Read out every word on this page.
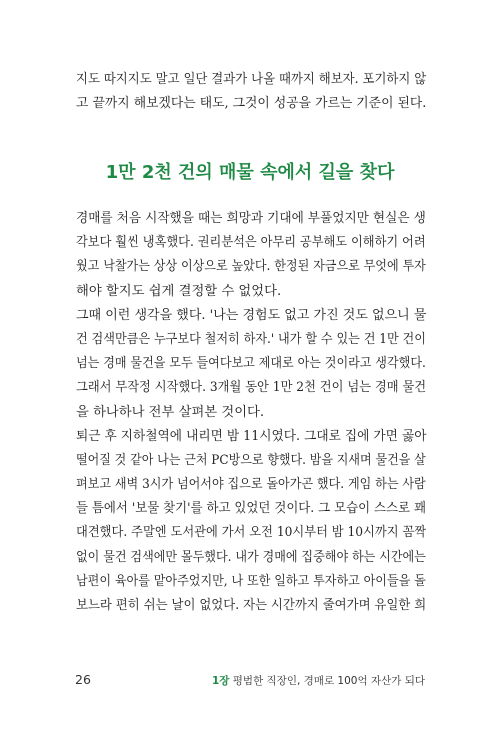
지도 따지지도 말고 일단 결과가 나올 때까지 해보자. 포기하지 않 고 끝까지 해보겠다는 태도, 그것이 성공을 가르는 기준이 된다.
1만 2천 건의 매물 속에서 길을 찾다
경매를 처음 시작했을 때는 희망과 기대에 부풀었지만 현실은 생 각보다 훨씬 냉혹했다. 권리분석은 아무리 공부해도 이해하기 어려 웠고 낙찰가는 상상 이상으로 높았다. 한정된 자금으로 무엇에 투자
해야 할지도 쉽게 결정할 수 없었다.
그때 이런 생각을 했다. '나는 경험도 없고 가진 것도 없으니 물 건 검색만큼은 누구보다 철저히 하자.' 내가 할 수 있는 건 1만 건이 넘는 경매 물건을 모두 들여다보고 제대로 아는 것이라고 생각했다. 그래서 무작정 시작했다. 3개월 동안 1만 2천 건이 넘는 경매 물건
을 하나하나 전부 살펴본 것이다.
퇴근 후 지하철역에 내리면 밤 11시였다. 그대로 집에 가면 곯아 떨어질 것 같아 나는 근처 PC방으로 향했다. 밤을 지새며 물건을 살 펴보고 새벽 3시가 넘어서야 집으로 돌아가곤 했다. 게임 하는 사람 들 틈에서 '보물 찾기'를 하고 있었던 것이다. 그 모습이 스스로 꽤 대견했다. 주말엔 도서관에 가서 오전 10시부터 밤 10시까지 꼼짝 없이 물건 검색에만 몰두했다. 내가 경매에 집중해야 하는 시간에는 남편이 육아를 맡아주었지만, 나 또한 일하고 투자하고 아이들을 돌 보느라 편히 쉬는 날이 없었다. 자는 시간까지 줄여가며 유일한 희
26	1장 평범한 직장인, 경매로 100억 자산가 되다
